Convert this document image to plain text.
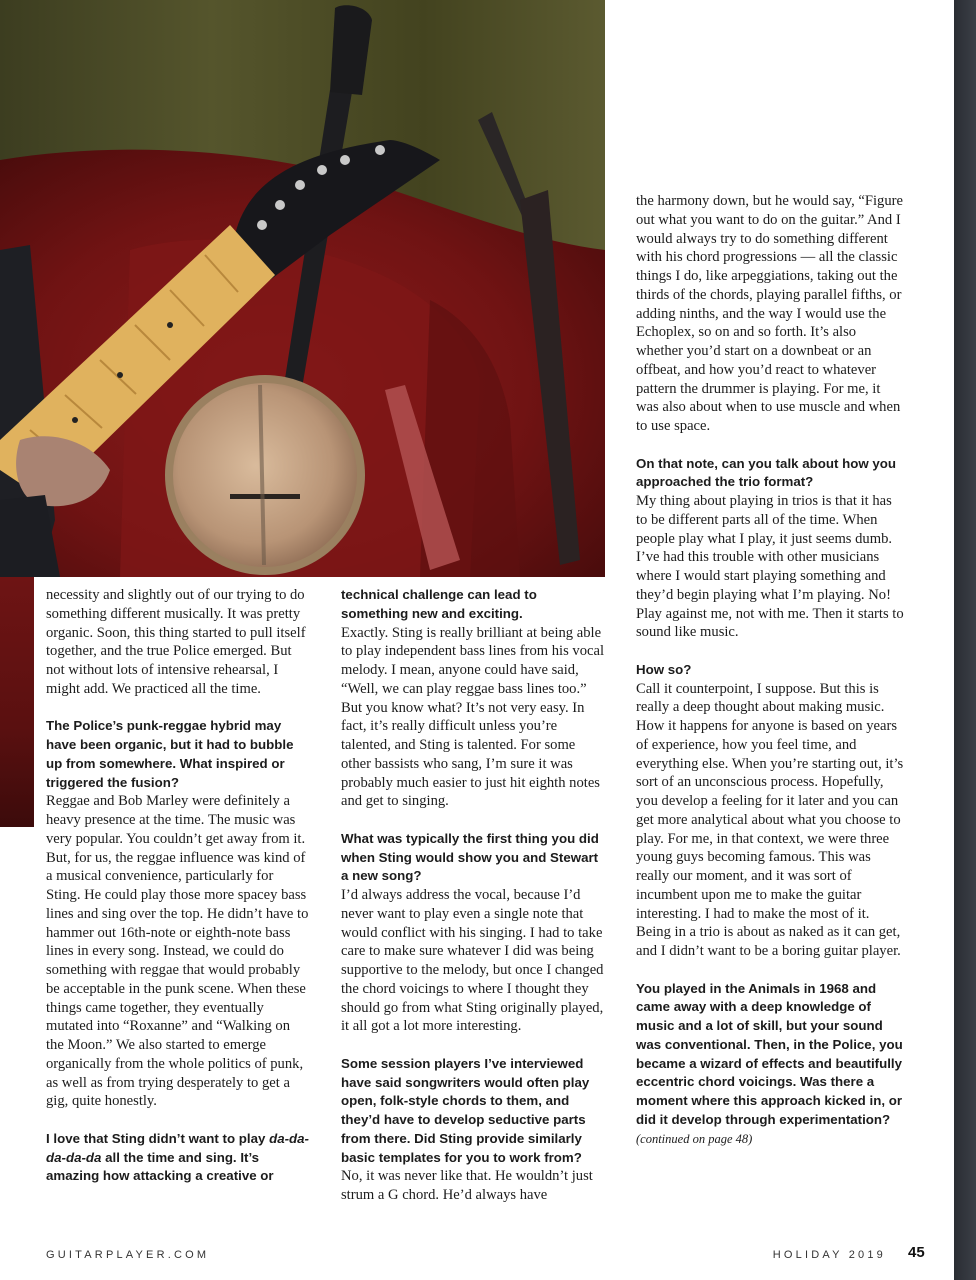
necessity and slightly out of our trying to do something different musically. It was pretty organic. Soon, this thing started to pull itself together, and the true Police emerged. But not without lots of intensive rehearsal, I might add. We practiced all the time.

The Police’s punk-reggae hybrid may have been organic, but it had to bubble up from somewhere. What inspired or triggered the fusion?

Reggae and Bob Marley were definitely a heavy presence at the time. The music was very popular. You couldn’t get away from it. But, for us, the reggae influence was kind of a musical convenience, particularly for Sting. He could play those more spacey bass lines and sing over the top. He didn’t have to hammer out 16th-note or eighth-note bass lines in every song. Instead, we could do something with reggae that would probably be acceptable in the punk scene. When these things came together, they eventually mutated into “Roxanne” and “Walking on the Moon.” We also started to emerge organically from the whole politics of punk, as well as from trying desperately to get a gig, quite honestly.

I love that Sting didn’t want to play da-da-da-da-da all the time and sing. It’s amazing how attacking a creative or

technical challenge can lead to something new and exciting.

Exactly. Sting is really brilliant at being able to play independent bass lines from his vocal melody. I mean, anyone could have said, “Well, we can play reggae bass lines too.” But you know what? It’s not very easy. In fact, it’s really difficult unless you’re talented, and Sting is talented. For some other bassists who sang, I’m sure it was probably much easier to just hit eighth notes and get to singing.

What was typically the first thing you did when Sting would show you and Stewart a new song?

I’d always address the vocal, because I’d never want to play even a single note that would conflict with his singing. I had to take care to make sure whatever I did was being supportive to the melody, but once I changed the chord voicings to where I thought they should go from what Sting originally played, it all got a lot more interesting.

Some session players I’ve interviewed have said songwriters would often play open, folk-style chords to them, and they’d have to develop seductive parts from there. Did Sting provide similarly basic templates for you to work from?

No, it was never like that. He wouldn’t just strum a G chord. He’d always have

the harmony down, but he would say, “Figure out what you want to do on the guitar.” And I would always try to do something different with his chord progressions — all the classic things I do, like arpeggiations, taking out the thirds of the chords, playing parallel fifths, or adding ninths, and the way I would use the Echoplex, so on and so forth. It’s also whether you’d start on a downbeat or an offbeat, and how you’d react to whatever pattern the drummer is playing. For me, it was also about when to use muscle and when to use space.

On that note, can you talk about how you approached the trio format?

My thing about playing in trios is that it has to be different parts all of the time. When people play what I play, it just seems dumb. I’ve had this trouble with other musicians where I would start playing something and they’d begin playing what I’m playing. No! Play against me, not with me. Then it starts to sound like music.

How so?

Call it counterpoint, I suppose. But this is really a deep thought about making music. How it happens for anyone is based on years of experience, how you feel time, and everything else. When you’re starting out, it’s sort of an unconscious process. Hopefully, you develop a feeling for it later and you can get more analytical about what you choose to play. For me, in that context, we were three young guys becoming famous. This was really our moment, and it was sort of incumbent upon me to make the guitar interesting. I had to make the most of it. Being in a trio is about as naked as it can get, and I didn’t want to be a boring guitar player.

You played in the Animals in 1968 and came away with a deep knowledge of music and a lot of skill, but your sound was conventional. Then, in the Police, you became a wizard of effects and beautifully eccentric chord voicings. Was there a moment where this approach kicked in, or did it develop through experimentation? (continued on page 48)

GUITARPLAYER.COM	HOLIDAY 2019 45
